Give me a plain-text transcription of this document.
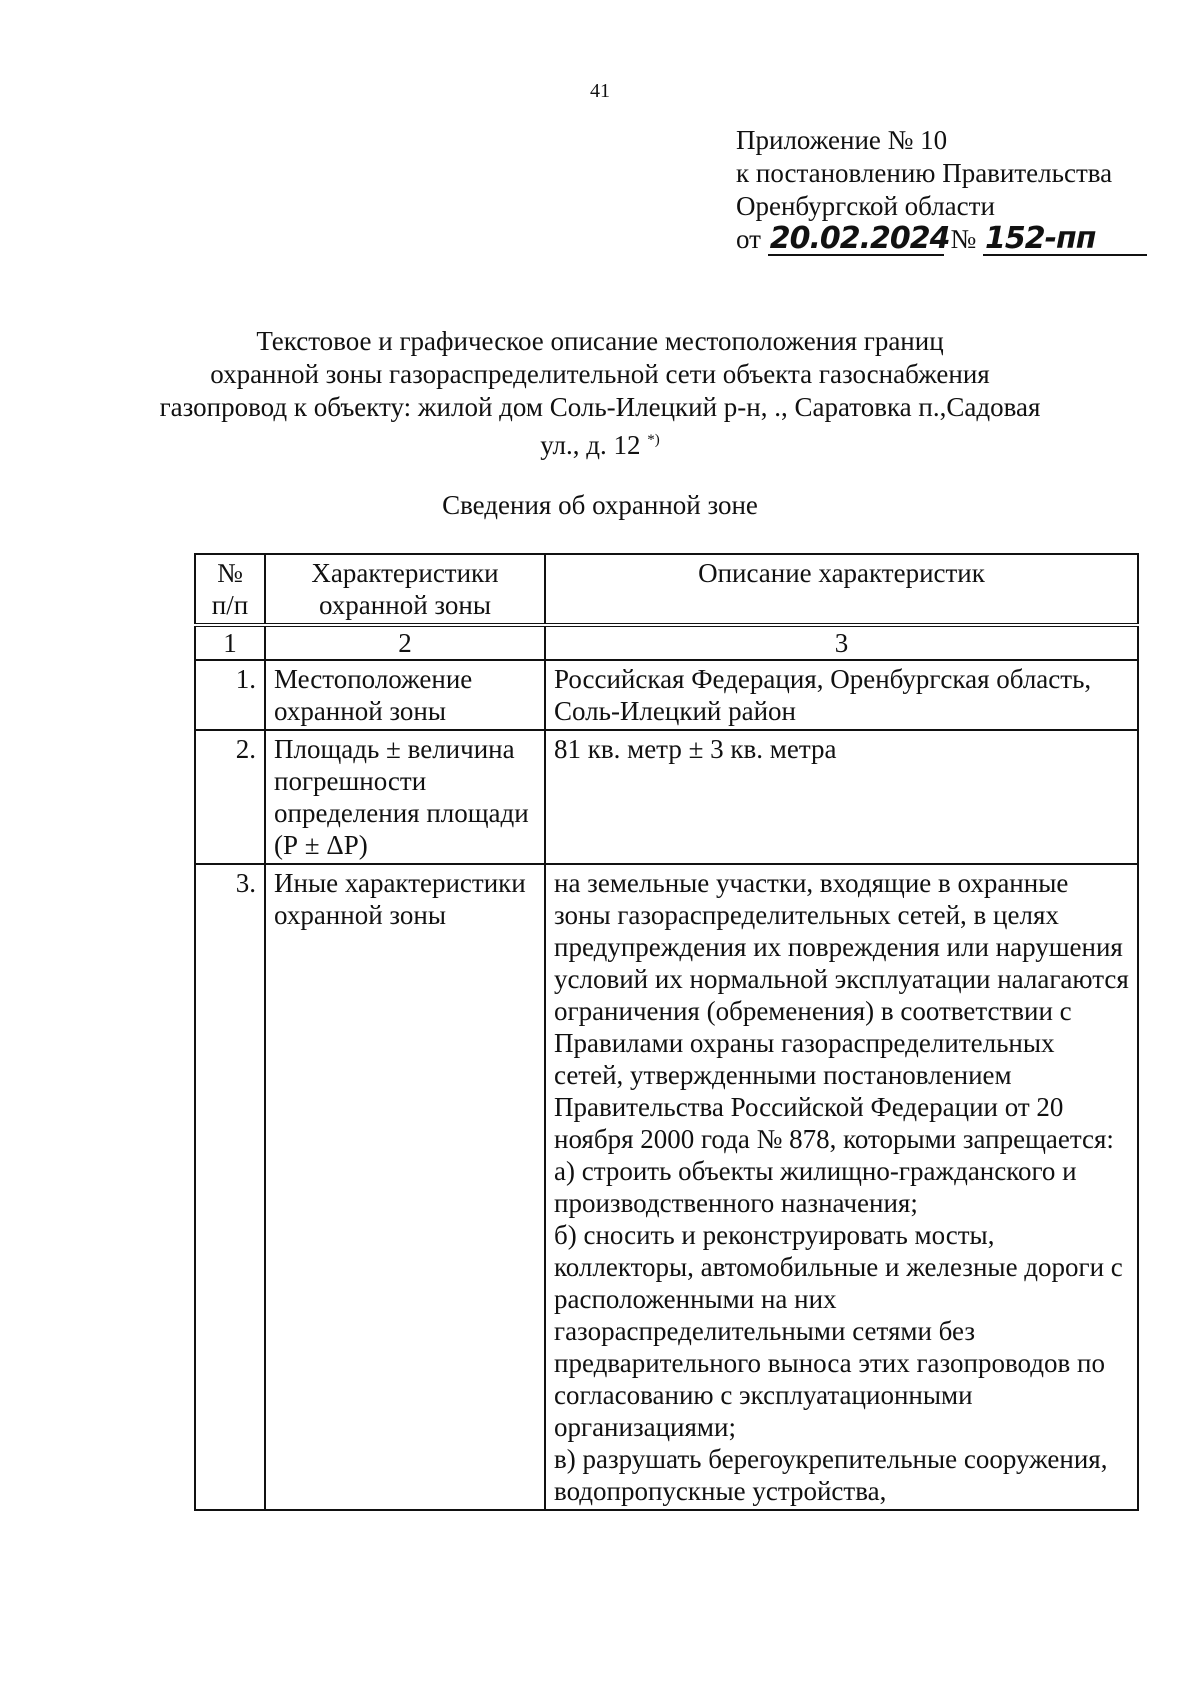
41
Приложение № 10
к постановлению Правительства
Оренбургской области
от 20.02.2024 № 152-пп
Текстовое и графическое описание местоположения границ
охранной зоны газораспределительной сети объекта газоснабжения
газопровод к объекту: жилой дом Соль-Илецкий р-н, ., Саратовка п.,Садовая
ул., д. 12 *)
Сведения об охранной зоне
№ п/п	Характеристики охранной зоны	Описание характеристик
1	2	3
1.	Местоположение охранной зоны	Российская Федерация, Оренбургская область, Соль-Илецкий район

2.	Площадь ± величина погрешности определения площади (Р ± ΔР)	81 кв. метр ± 3 кв. метра

3.	Иные характеристики охранной зоны	на земельные участки, входящие в охранные зоны газораспределительных сетей, в целях предупреждения их повреждения или нарушения условий их нормальной эксплуатации налагаются ограничения (обременения) в соответствии с Правилами охраны газораспределительных сетей, утвержденными постановлением Правительства Российской Федерации от 20 ноября 2000 года № 878, которыми запрещается:

а) строить объекты жилищно-гражданского и производственного назначения;

б) сносить и реконструировать мосты, коллекторы, автомобильные и железные дороги с расположенными на них газораспределительными сетями без предварительного выноса этих газопроводов по согласованию с эксплуатационными организациями;

в) разрушать берегоукрепительные сооружения, водопропускные устройства,
